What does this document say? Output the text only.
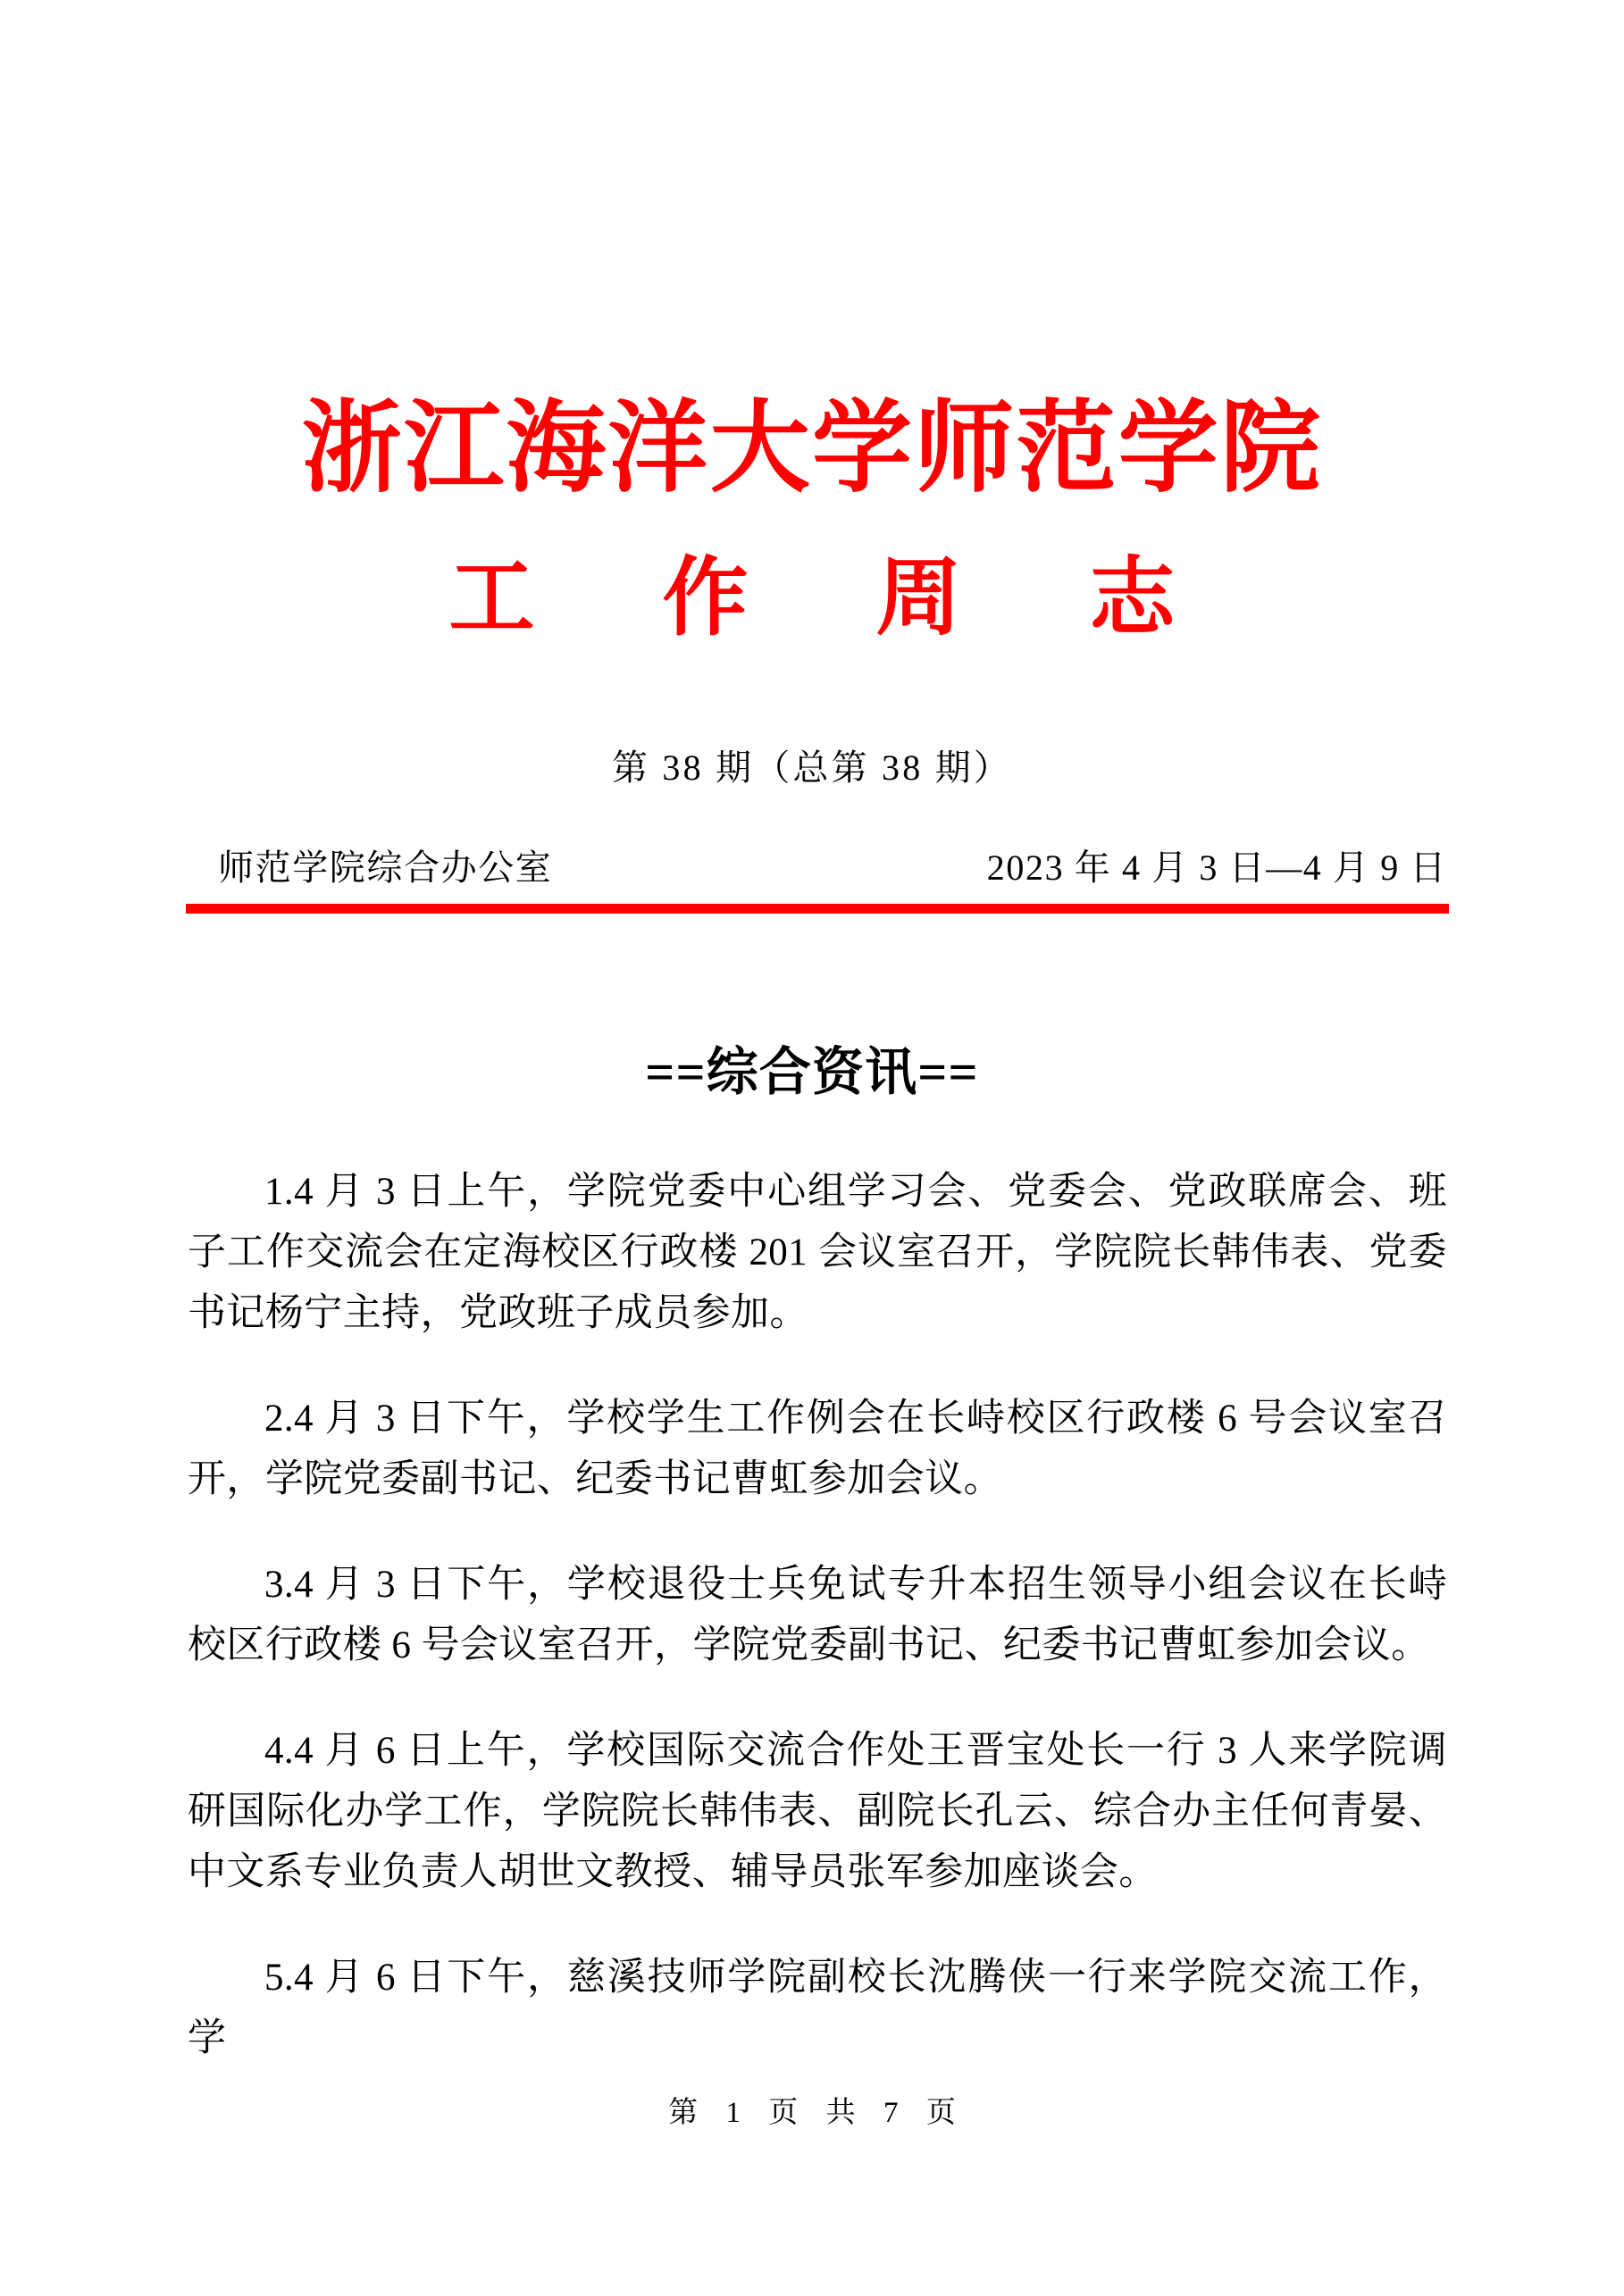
浙江海洋大学师范学院
工 作 周 志
第 38 期（总第 38 期）
师范学院综合办公室	2023 年 4 月 3 日—4 月 9 日
==综合资讯==

1.4 月 3 日上午，学院党委中心组学习会、党委会、党政联席会、班子工作交流会在定海校区行政楼 201 会议室召开，学院院长韩伟表、党委书记杨宁主持，党政班子成员参加。

2.4 月 3 日下午，学校学生工作例会在长峙校区行政楼 6 号会议室召开，学院党委副书记、纪委书记曹虹参加会议。

3.4 月 3 日下午，学校退役士兵免试专升本招生领导小组会议在长峙校区行政楼 6 号会议室召开，学院党委副书记、纪委书记曹虹参加会议。

4.4 月 6 日上午，学校国际交流合作处王晋宝处长一行 3 人来学院调研国际化办学工作，学院院长韩伟表、副院长孔云、综合办主任何青晏、中文系专业负责人胡世文教授、辅导员张军参加座谈会。

5.4 月 6 日下午，慈溪技师学院副校长沈腾侠一行来学院交流工作，学

第 1 页 共 7 页
